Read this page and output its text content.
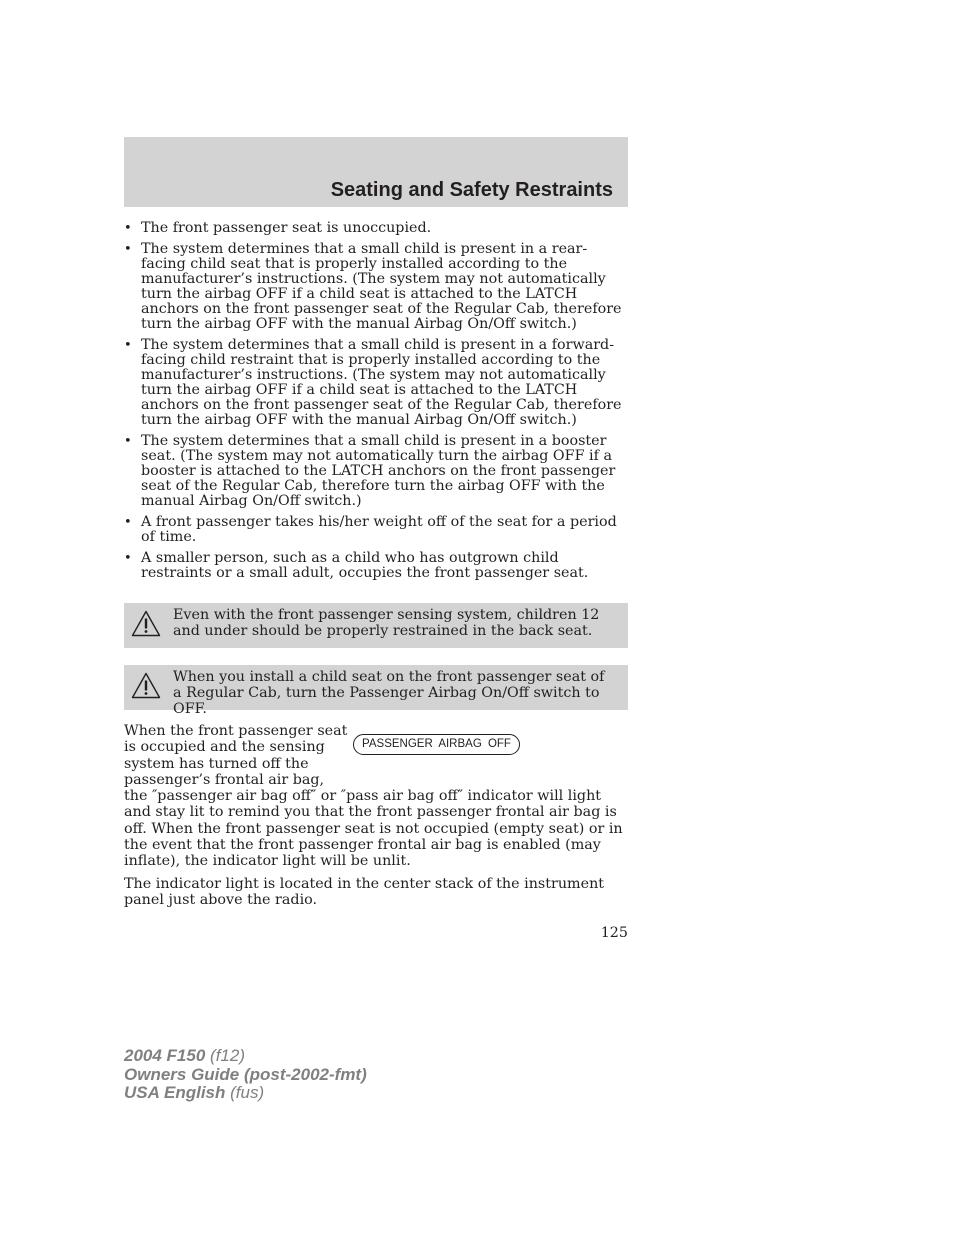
Seating and Safety Restraints
• The front passenger seat is unoccupied.
• The system determines that a small child is present in a rear-facing child seat that is properly installed according to the manufacturer’s instructions. (The system may not automatically turn the airbag OFF if a child seat is attached to the LATCH anchors on the front passenger seat of the Regular Cab, therefore turn the airbag OFF with the manual Airbag On/Off switch.)
• The system determines that a small child is present in a forward-facing child restraint that is properly installed according to the manufacturer’s instructions. (The system may not automatically turn the airbag OFF if a child seat is attached to the LATCH anchors on the front passenger seat of the Regular Cab, therefore turn the airbag OFF with the manual Airbag On/Off switch.)
• The system determines that a small child is present in a booster seat. (The system may not automatically turn the airbag OFF if a booster is attached to the LATCH anchors on the front passenger seat of the Regular Cab, therefore turn the airbag OFF with the manual Airbag On/Off switch.)
• A front passenger takes his/her weight off of the seat for a period of time.
• A smaller person, such as a child who has outgrown child restraints or a small adult, occupies the front passenger seat.
Even with the front passenger sensing system, children 12 and under should be properly restrained in the back seat.
When you install a child seat on the front passenger seat of a Regular Cab, turn the Passenger Airbag On/Off switch to OFF.

PASSENGER AIRBAG OFF
When the front passenger seat is occupied and the sensing system has turned off the passenger’s frontal air bag, the ″passenger air bag off″ or ″pass air bag off″ indicator will light and stay lit to remind you that the front passenger frontal air bag is off. When the front passenger seat is not occupied (empty seat) or in the event that the front passenger frontal air bag is enabled (may inflate), the indicator light will be unlit.

The indicator light is located in the center stack of the instrument panel just above the radio.

125
2004 F150 (f12)
Owners Guide (post-2002-fmt)
USA English (fus)
